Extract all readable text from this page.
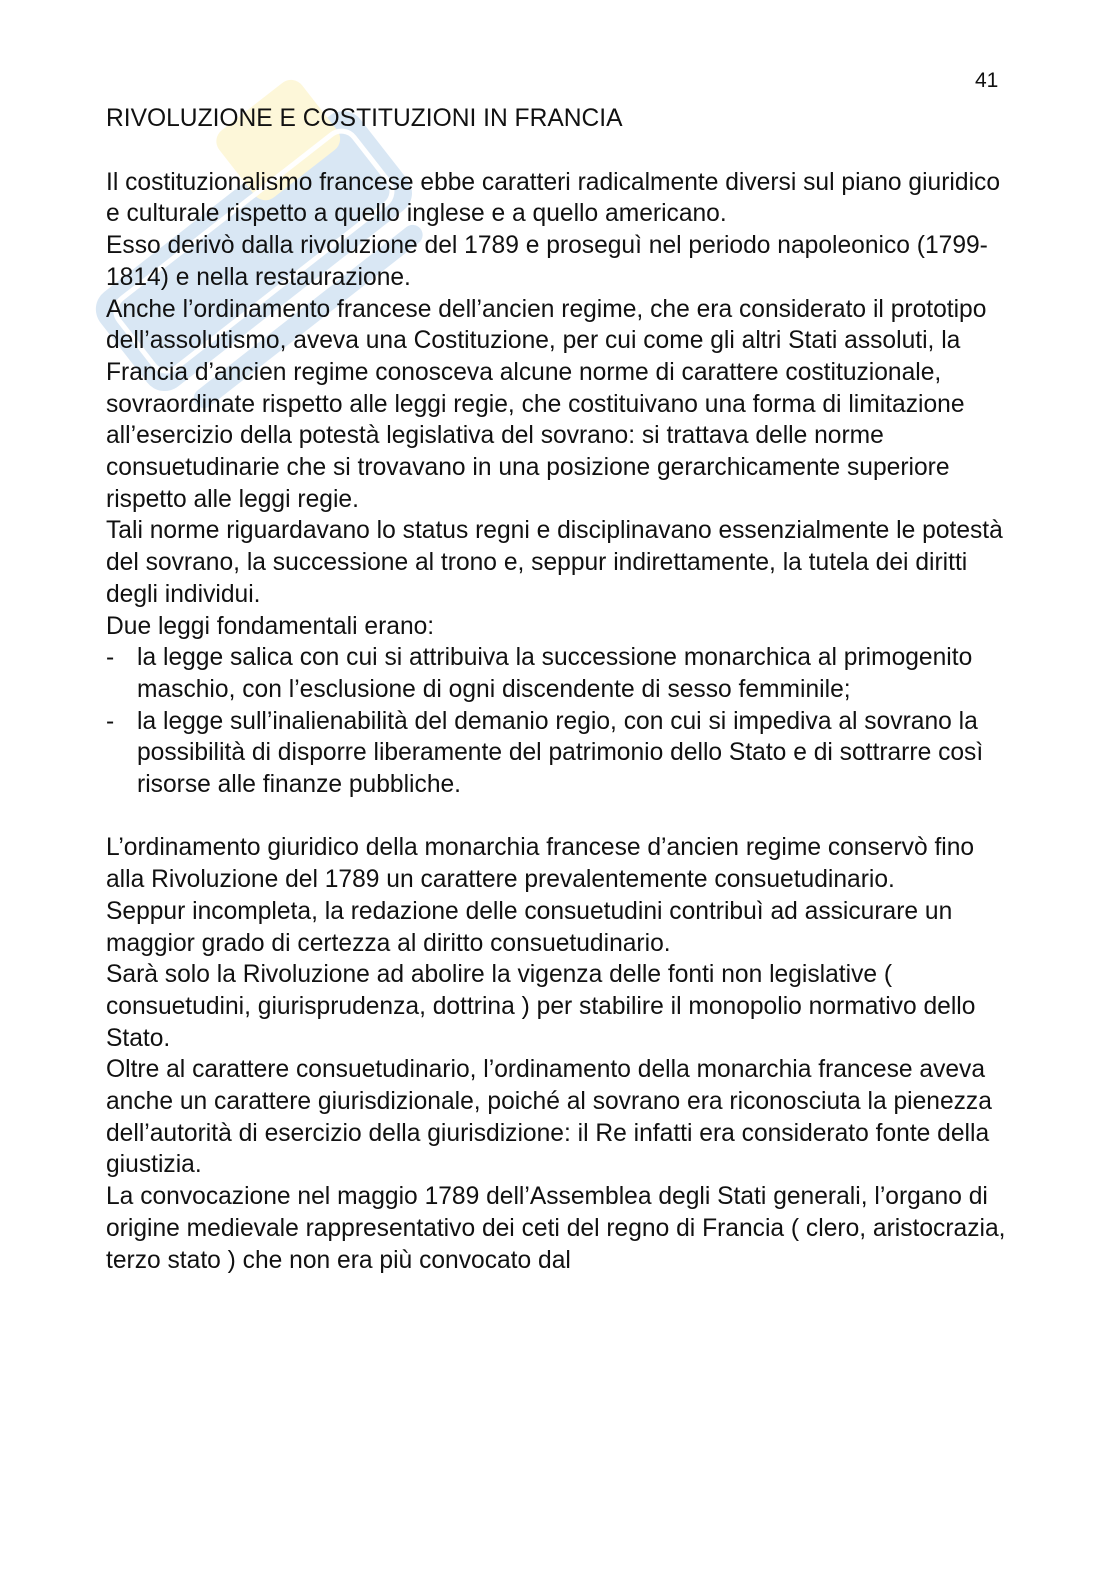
41
RIVOLUZIONE E COSTITUZIONI IN FRANCIA

Il costituzionalismo francese ebbe caratteri radicalmente diversi sul piano giuridico e culturale rispetto a quello inglese e a quello americano.

Esso derivò dalla rivoluzione del 1789 e proseguì nel periodo napoleonico (1799-1814) e nella restaurazione.

Anche l’ordinamento francese dell’ancien regime, che era considerato il prototipo dell’assolutismo, aveva una Costituzione, per cui come gli altri Stati assoluti, la Francia d’ancien regime conosceva alcune norme di carattere costituzionale, sovraordinate rispetto alle leggi regie, che costituivano una forma di limitazione all’esercizio della potestà legislativa del sovrano: si trattava delle norme consuetudinarie che si trovavano in una posizione gerarchicamente superiore rispetto alle leggi regie.

Tali norme riguardavano lo status regni e disciplinavano essenzialmente le potestà del sovrano, la successione al trono e, seppur indirettamente, la tutela dei diritti degli individui.

Due leggi fondamentali erano:

- la legge salica con cui si attribuiva la successione monarchica al primogenito maschio, con l’esclusione di ogni discendente di sesso femminile;
- la legge sull’inalienabilità del demanio regio, con cui si impediva al sovrano la possibilità di disporre liberamente del patrimonio dello Stato e di sottrarre così risorse alle finanze pubbliche.

L’ordinamento giuridico della monarchia francese d’ancien regime conservò fino alla Rivoluzione del 1789 un carattere prevalentemente consuetudinario.

Seppur incompleta, la redazione delle consuetudini contribuì ad assicurare un maggior grado di certezza al diritto consuetudinario.

Sarà solo la Rivoluzione ad abolire la vigenza delle fonti non legislative ( consuetudini, giurisprudenza, dottrina ) per stabilire il monopolio normativo dello Stato.

Oltre al carattere consuetudinario, l’ordinamento della monarchia francese aveva anche un carattere giurisdizionale, poiché al sovrano era riconosciuta la pienezza dell’autorità di esercizio della giurisdizione: il Re infatti era considerato fonte della giustizia.

La convocazione nel maggio 1789 dell’Assemblea degli Stati generali, l’organo di origine medievale rappresentativo dei ceti del regno di Francia ( clero, aristocrazia, terzo stato ) che non era più convocato dal
